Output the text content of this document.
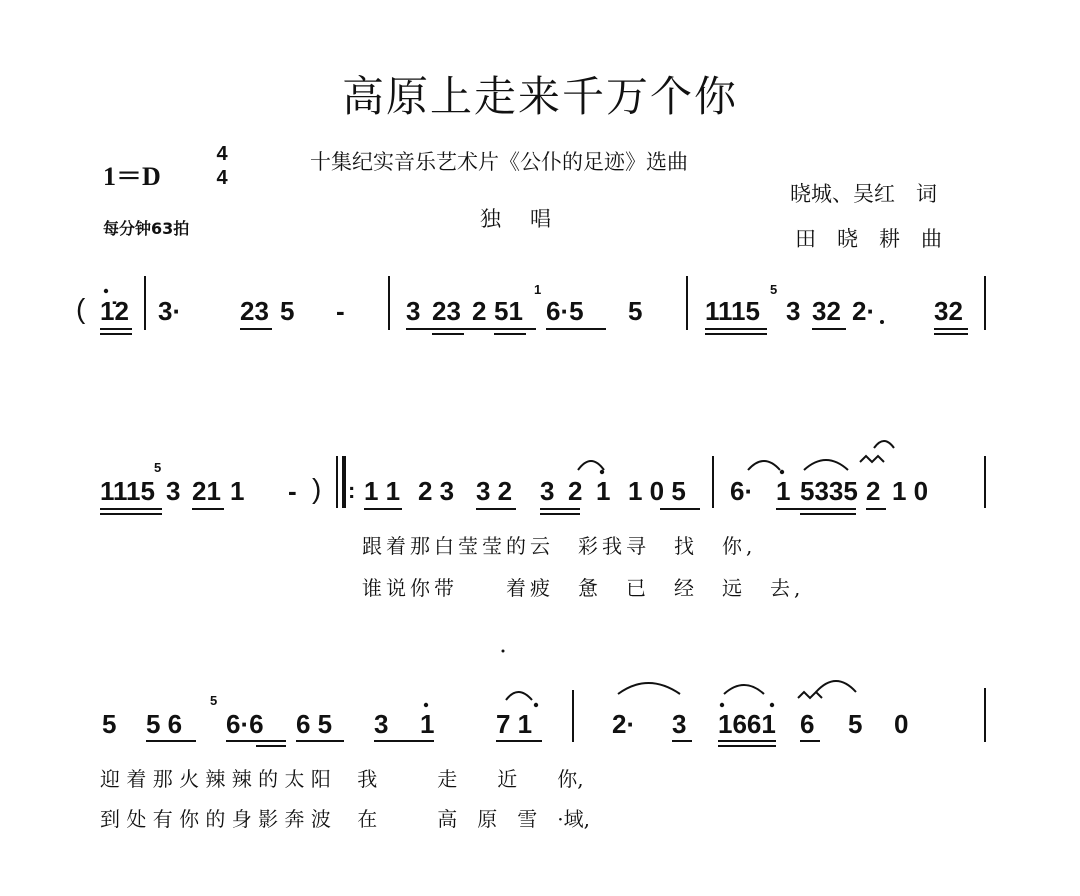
高原上走来千万个你
1＝D
4
4
十集纪实音乐艺术片《公仆的足迹》选曲
独　唱
晓城、吴红　词
田　晓　耕　曲
每分钟63拍
( 1̇2 3· 23 5 - 3 23 2 51
1
6·5 5 1115
5
3 32 2· 32
1115
5
3 21 1 - ) : 1 1 2 3 3 2 3 2 1 1 0 5 6· 1 5335 2 1 0
跟着那白莹莹的云　彩我寻　找　你,
谁说你带　　着疲　惫　已　经　远　去,
5 5 6
5
6·6 6 5 3 1 7 1	2· 3 1661 6 5 0
迎 着 那 火 辣 辣 的 太 阳　 我　　　走　　近　　你,
到 处 有 你 的 身 影 奔 波　 在　　　高　原　雪　·域,
